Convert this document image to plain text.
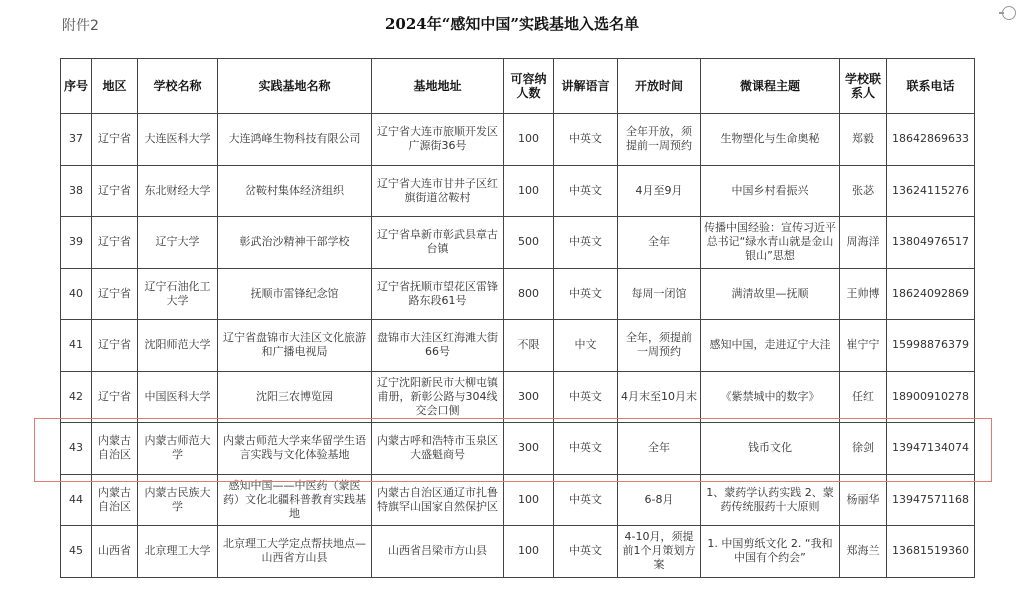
附件2	2024年“感知中国”实践基地入选名单
序号	地区	学校名称	实践基地名称	基地地址	可容纳人数	讲解语言	开放时间	微课程主题	学校联系人	联系电话
37	辽宁省	大连医科大学	大连鸿峰生物科技有限公司	辽宁省大连市旅顺开发区广源街36号	100	中英文	全年开放，须提前一周预约	生物塑化与生命奥秘	郑毅	18642869633
38	辽宁省	东北财经大学	岔鞍村集体经济组织	辽宁省大连市甘井子区红旗街道岔鞍村	100	中英文	4月至9月	中国乡村看振兴	张苾	13624115276
39	辽宁省	辽宁大学	彰武治沙精神干部学校	辽宁省阜新市彰武县章古台镇	500	中英文	全年	传播中国经验：宣传习近平总书记“绿水青山就是金山银山”思想	周海洋	13804976517
40	辽宁省	辽宁石油化工大学	抚顺市雷锋纪念馆	辽宁省抚顺市望花区雷锋路东段61号	800	中英文	每周一闭馆	满清故里—抚顺	王帅博	18624092869
41	辽宁省	沈阳师范大学	辽宁省盘锦市大洼区文化旅游和广播电视局	盘锦市大洼区红海滩大街66号	不限	中文	全年，须提前一周预约	感知中国，走进辽宁大洼	崔宁宁	15998876379
42	辽宁省	中国医科大学	沈阳三农博览园	辽宁沈阳新民市大柳屯镇甫册，新彰公路与304线交会口侧	300	中英文	4月末至10月末	《紫禁城中的数字》	任红	18900910278
43	内蒙古自治区	内蒙古师范大学	内蒙古师范大学来华留学生语言实践与文化体验基地	内蒙古呼和浩特市玉泉区大盛魁商号	300	中英文	全年	钱币文化	徐剑	13947134074
44	内蒙古自治区	内蒙古民族大学	感知中国——中医药（蒙医药）文化北疆科普教育实践基地	内蒙古自治区通辽市扎鲁特旗罕山国家自然保护区	100	中英文	6-8月	1、蒙药学认药实践 2、蒙药传统服药十大原则	杨丽华	13947571168
45	山西省	北京理工大学	北京理工大学定点帮扶地点—山西省方山县	山西省吕梁市方山县	100	中英文	4-10月，须提前1个月策划方案	1. 中国剪纸文化 2. “我和中国有个约会”	郑海兰	13681519360
